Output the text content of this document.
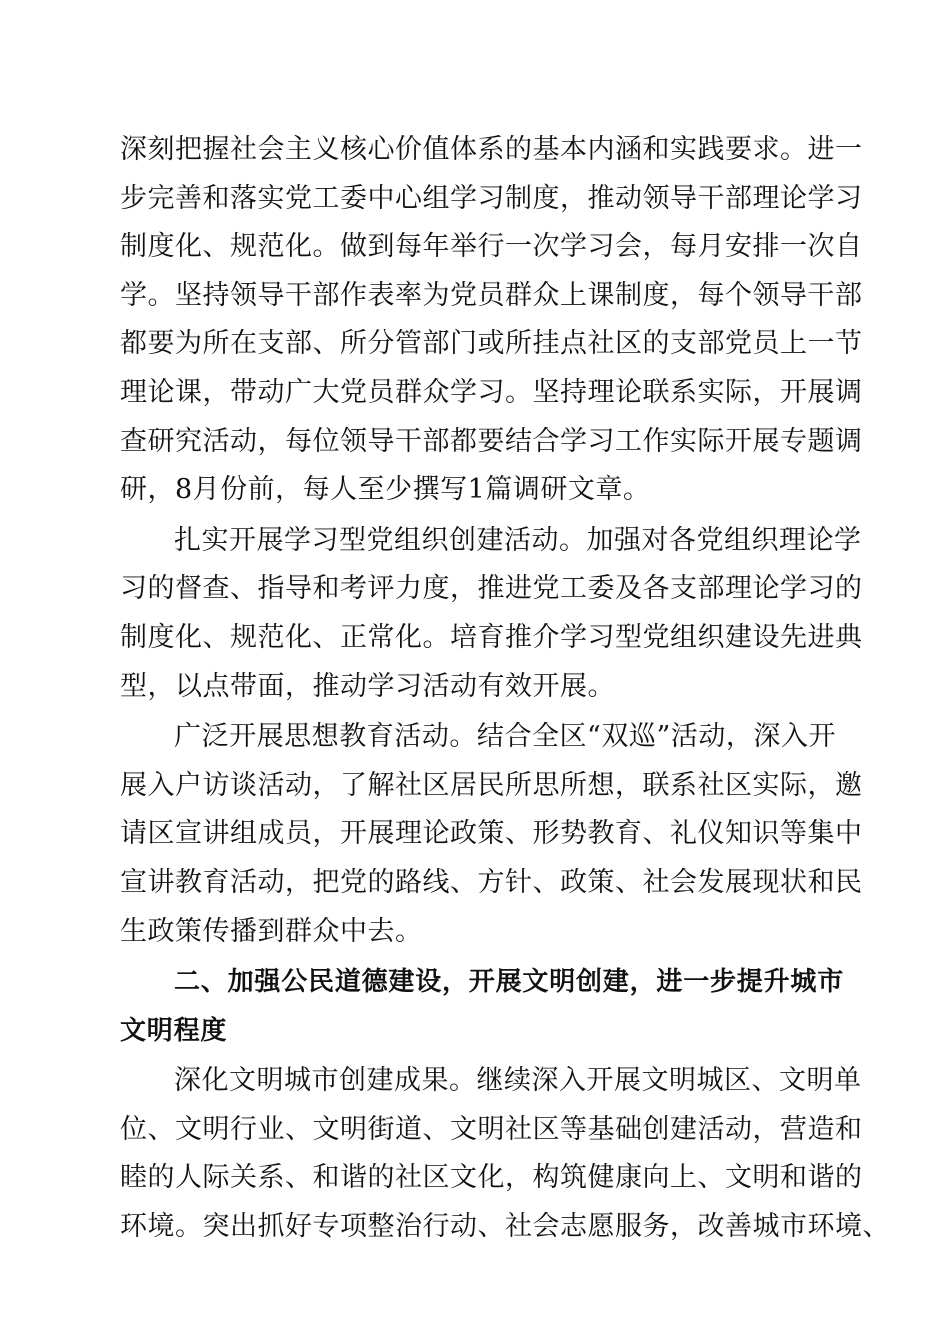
深刻把握社会主义核心价值体系的基本内涵和实践要求。进一
步完善和落实党工委中心组学习制度，推动领导干部理论学习
制度化、规范化。做到每年举行一次学习会，每月安排一次自
学。坚持领导干部作表率为党员群众上课制度，每个领导干部
都要为所在支部、所分管部门或所挂点社区的支部党员上一节
理论课，带动广大党员群众学习。坚持理论联系实际，开展调
查研究活动，每位领导干部都要结合学习工作实际开展专题调
研，8月份前，每人至少撰写1篇调研文章。
扎实开展学习型党组织创建活动。加强对各党组织理论学
习的督查、指导和考评力度，推进党工委及各支部理论学习的
制度化、规范化、正常化。培育推介学习型党组织建设先进典
型，以点带面，推动学习活动有效开展。
广泛开展思想教育活动。结合全区“双巡”活动，深入开
展入户访谈活动，了解社区居民所思所想，联系社区实际，邀
请区宣讲组成员，开展理论政策、形势教育、礼仪知识等集中
宣讲教育活动，把党的路线、方针、政策、社会发展现状和民
生政策传播到群众中去。
二、加强公民道德建设，开展文明创建，进一步提升城市
文明程度
深化文明城市创建成果。继续深入开展文明城区、文明单
位、文明行业、文明街道、文明社区等基础创建活动，营造和
睦的人际关系、和谐的社区文化，构筑健康向上、文明和谐的
环境。突出抓好专项整治行动、社会志愿服务，改善城市环境、
